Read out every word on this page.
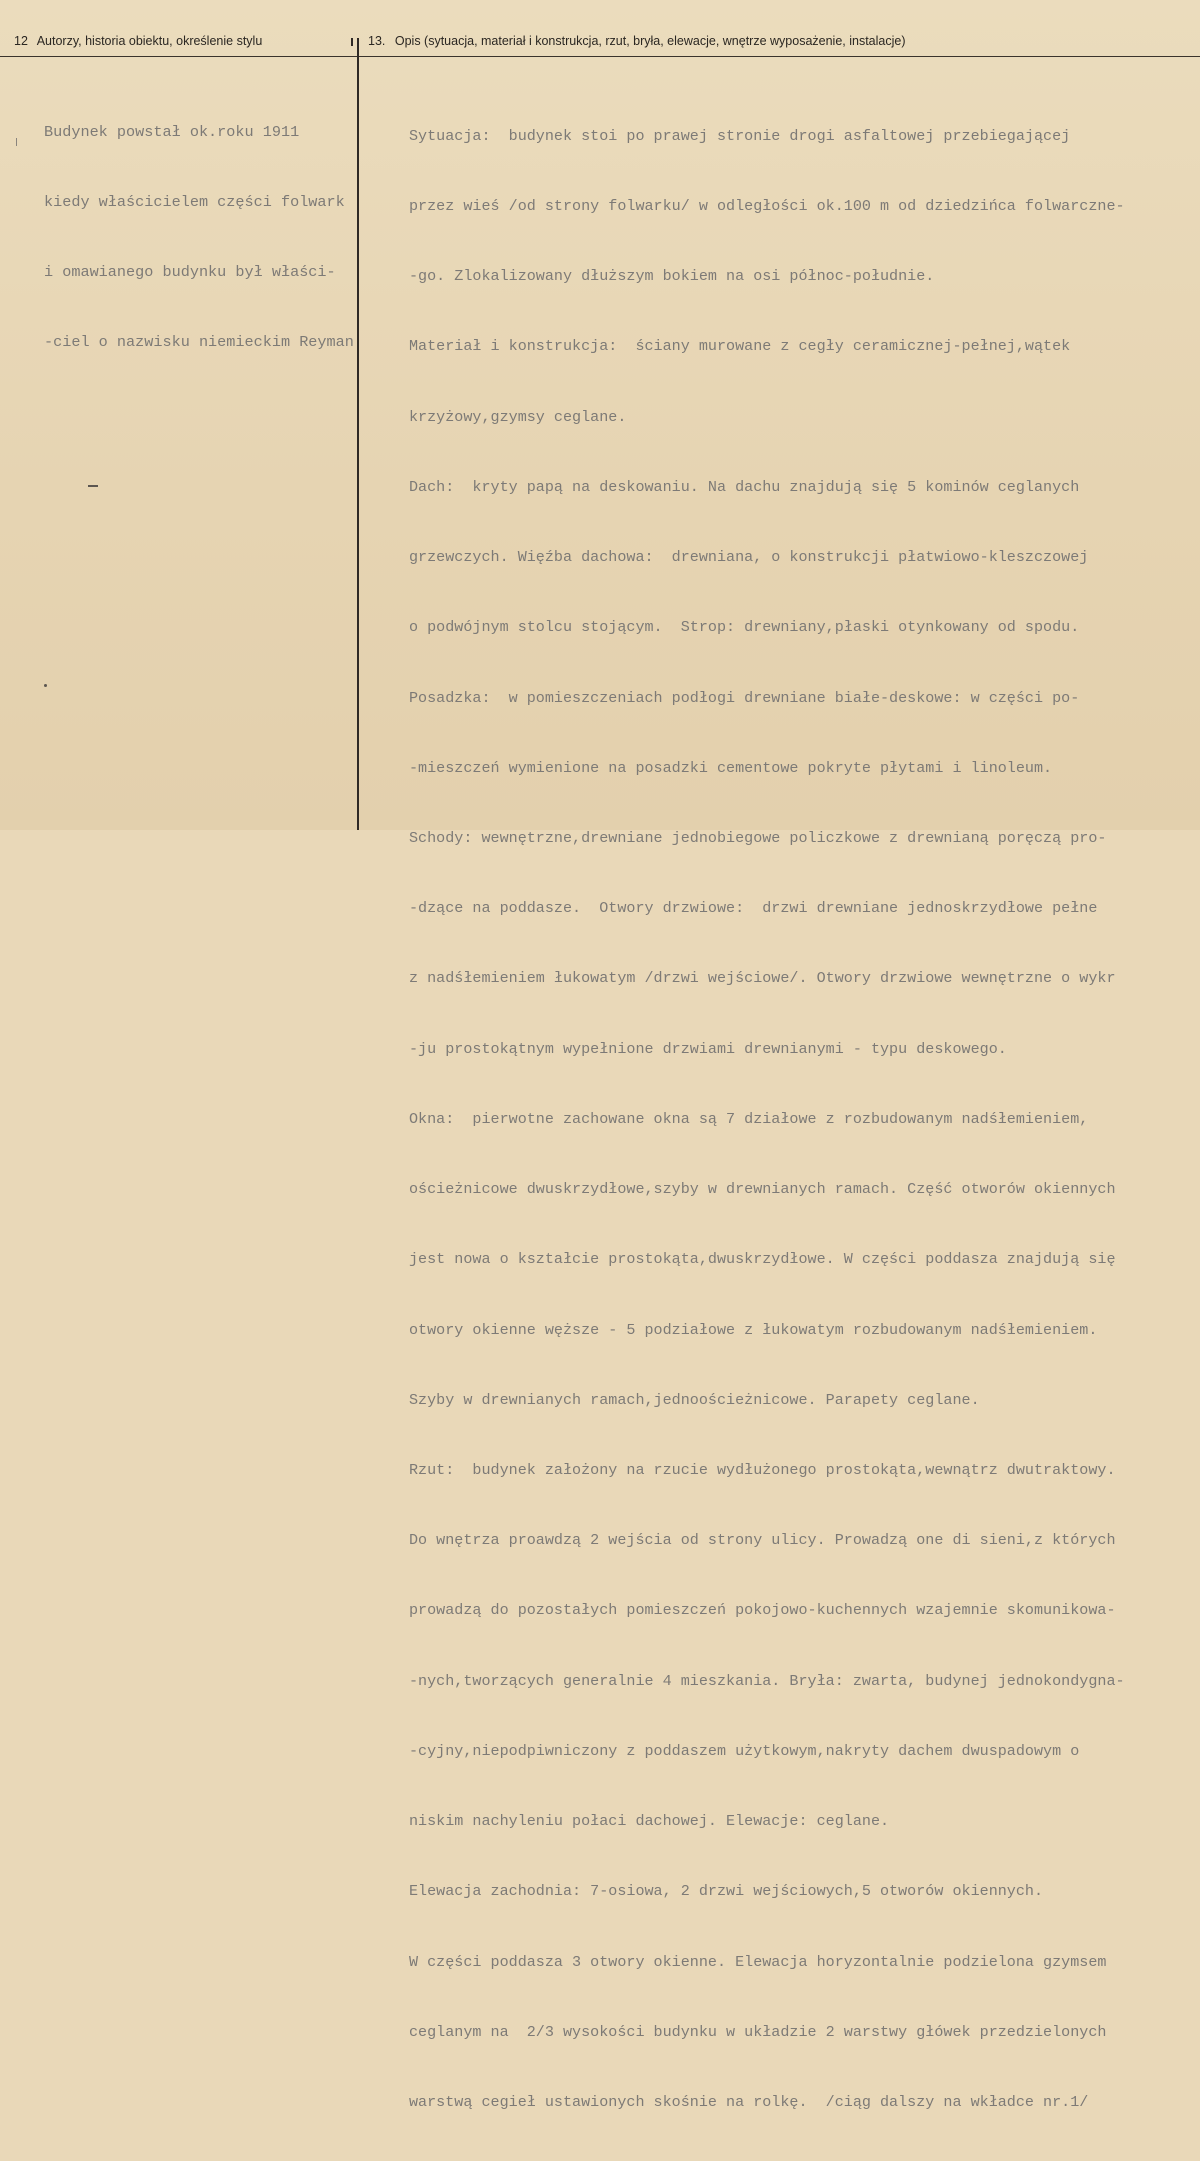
12 Autorzy, historia obiektu, określenie stylu	13. Opis (sytuacja, materiał i konstrukcja, rzut, bryła, elewacje, wnętrze wyposażenie, instalacje)

Budynek powstał ok.roku 1911

kiedy właścicielem części folwark

i omawianego budynku był właści-

-ciel o nazwisku niemieckim Reyman

Sytuacja:  budynek stoi po prawej stronie drogi asfaltowej przebiegającej

przez wieś /od strony folwarku/ w odległości ok.100 m od dziedzińca folwarczne-

-go. Zlokalizowany dłuższym bokiem na osi północ-południe.

Materiał i konstrukcja:  ściany murowane z cegły ceramicznej-pełnej,wątek

krzyżowy,gzymsy ceglane.

Dach:  kryty papą na deskowaniu. Na dachu znajdują się 5 kominów ceglanych

grzewczych. Więźba dachowa:  drewniana, o konstrukcji płatwiowo-kleszczowej

o podwójnym stolcu stojącym.  Strop: drewniany,płaski otynkowany od spodu.

Posadzka:  w pomieszczeniach podłogi drewniane białe-deskowe: w części po-

-mieszczeń wymienione na posadzki cementowe pokryte płytami i linoleum.

Schody: wewnętrzne,drewniane jednobiegowe policzkowe z drewnianą poręczą pro-

-dzące na poddasze.  Otwory drzwiowe:  drzwi drewniane jednoskrzydłowe pełne

z nadśłemieniem łukowatym /drzwi wejściowe/. Otwory drzwiowe wewnętrzne o wykr

-ju prostokątnym wypełnione drzwiami drewnianymi - typu deskowego.

Okna:  pierwotne zachowane okna są 7 działowe z rozbudowanym nadśłemieniem,

ościeżnicowe dwuskrzydłowe,szyby w drewnianych ramach. Część otworów okiennych

jest nowa o kształcie prostokąta,dwuskrzydłowe. W części poddasza znajdują się

otwory okienne węższe - 5 podziałowe z łukowatym rozbudowanym nadśłemieniem.

Szyby w drewnianych ramach,jednoościeżnicowe. Parapety ceglane.

Rzut:  budynek założony na rzucie wydłużonego prostokąta,wewnątrz dwutraktowy.

Do wnętrza proawdzą 2 wejścia od strony ulicy. Prowadzą one di sieni,z których

prowadzą do pozostałych pomieszczeń pokojowo-kuchennych wzajemnie skomunikowa-

-nych,tworzących generalnie 4 mieszkania. Bryła: zwarta, budynej jednokondygna-

-cyjny,niepodpiwniczony z poddaszem użytkowym,nakryty dachem dwuspadowym o

niskim nachyleniu połaci dachowej. Elewacje: ceglane.

Elewacja zachodnia: 7-osiowa, 2 drzwi wejściowych,5 otworów okiennych.

W części poddasza 3 otwory okienne. Elewacja horyzontalnie podzielona gzymsem

ceglanym na  2/3 wysokości budynku w układzie 2 warstwy główek przedzielonych

warstwą cegieł ustawionych skośnie na rolkę.  /ciąg dalszy na wkładce nr.1/
